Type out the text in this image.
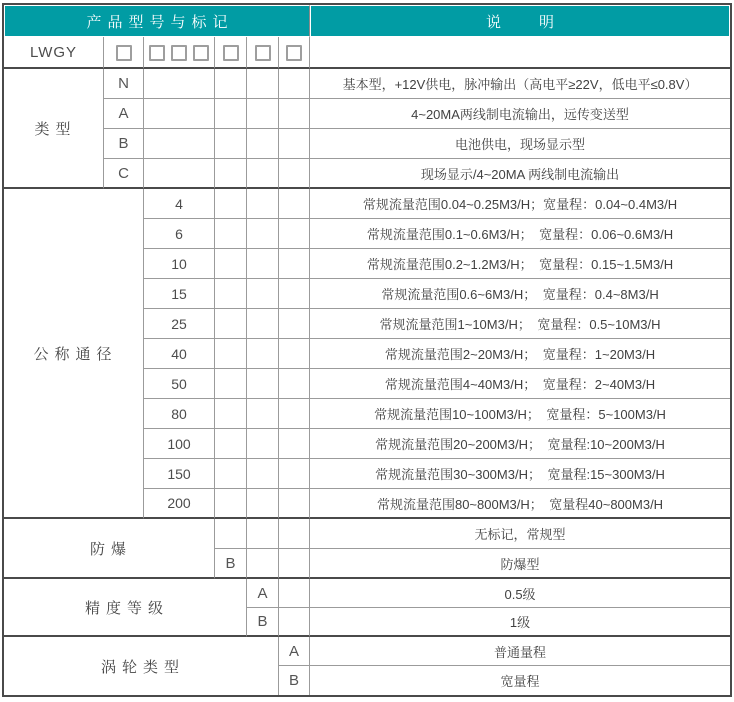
产品型号与标记						说明
LWGY						
类型	N					基本型，+12V供电，脉冲输出（高电平≥22V，低电平≤0.8V）
	A					4~20MA两线制电流输出，远传变送型
	B					电池供电，现场显示型
	C					现场显示/4~20MA 两线制电流输出
公称通径		4				常规流量范围0.04~0.25M3/H；宽量程：0.04~0.4M3/H
		6				常规流量范围0.1~0.6M3/H；　宽量程：0.06~0.6M3/H
		10				常规流量范围0.2~1.2M3/H；　宽量程：0.15~1.5M3/H
		15				常规流量范围0.6~6M3/H；　宽量程：0.4~8M3/H
		25				常规流量范围1~10M3/H；　宽量程：0.5~10M3/H
		40				常规流量范围2~20M3/H；　宽量程：1~20M3/H
		50				常规流量范围4~40M3/H；　宽量程：2~40M3/H
		80				常规流量范围10~100M3/H；　宽量程：5~100M3/H
		100				常规流量范围20~200M3/H；　宽量程:10~200M3/H
		150				常规流量范围30~300M3/H；　宽量程:15~300M3/H
		200				常规流量范围80~800M3/H；　宽量程40~800M3/H
防爆						无标记，常规型
			B			防爆型
精度等级				A		0.5级
				B		1级
涡轮类型					A	普通量程
					B	宽量程
